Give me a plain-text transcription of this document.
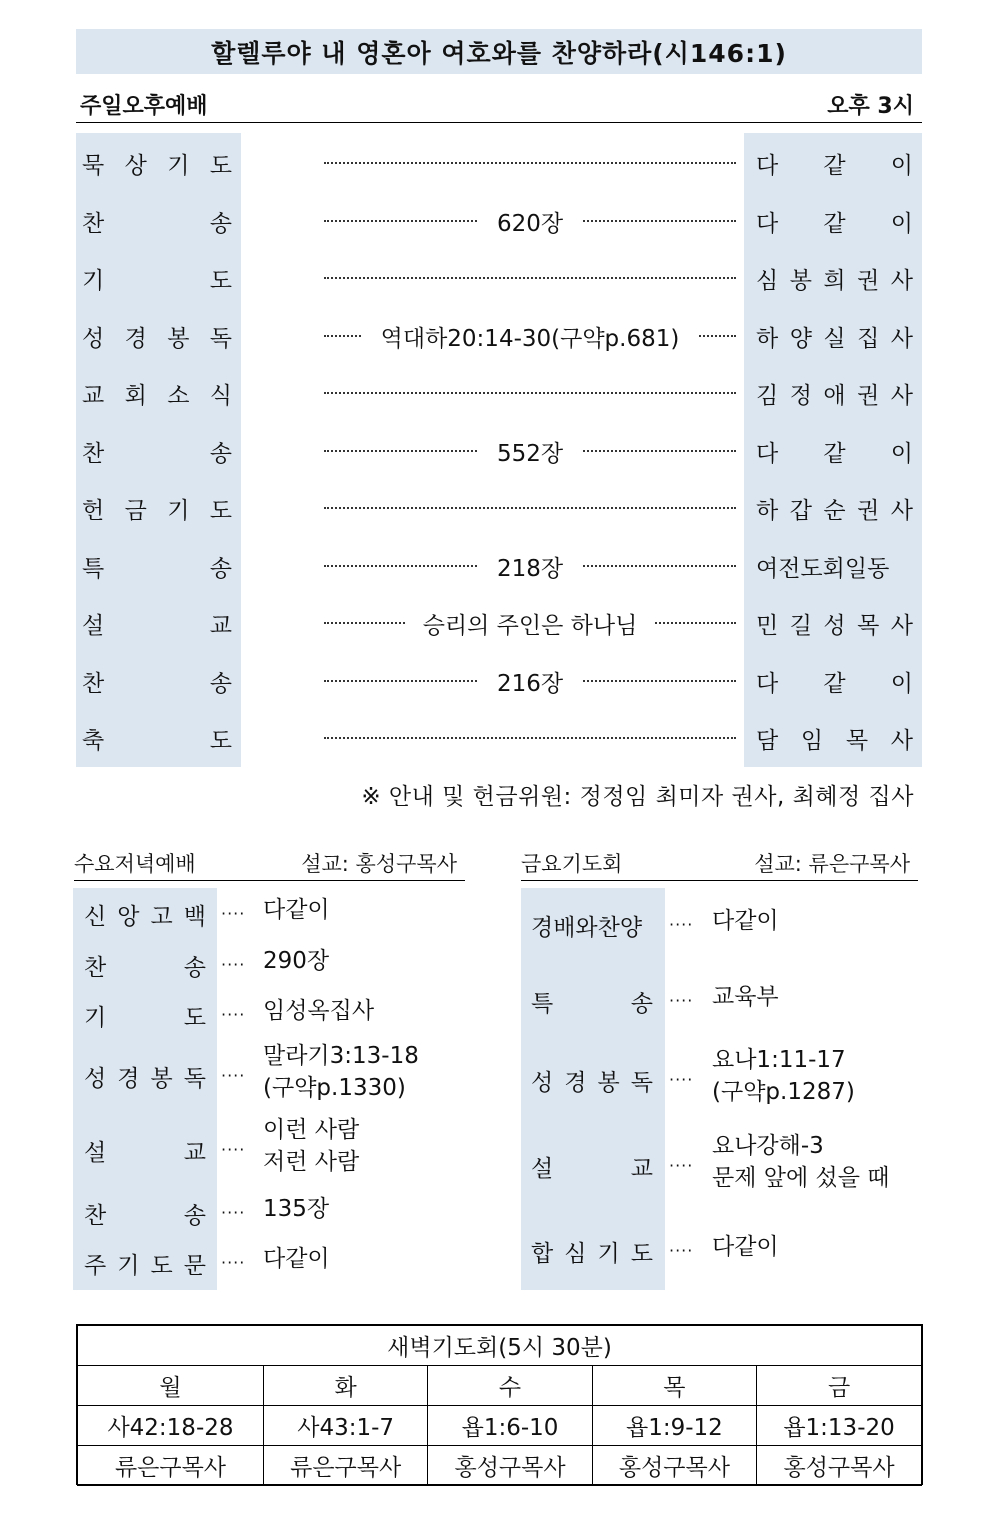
할렐루야 내 영혼아 여호와를 찬양하라(시146:1)
주일오후예배	오후 3시
묵 상 기 도	다 같 이
찬	송	620장	다 같 이
기	도	심 봉 희 권 사
성 경 봉 독	역대하20:14-30(구약p.681)	하 양 실 집 사
교 회 소 식	김 정 애 권 사
찬	송	552장	다 같 이
헌 금 기 도	하 갑 순 권 사
특	송	218장	여전도회일동
설	교	승리의 주인은 하나님	민 길 성 목 사
찬	송	216장	다 같 이
축	도	담 임 목 사
※ 안내 및 헌금위원: 정정임 최미자 권사, 최혜정 집사
수요저녁예배	설교: 홍성구목사	금요기도회	설교: 류은구목사
신 앙 고 백 ···· 다같이
찬	송 ···· 290장
기	도 ···· 임성옥집사
성 경 봉 독 ····
말라기3:13-18
(구약p.1330)
설	교 ····
이런 사람
저런 사람
찬	송 ···· 135장
주 기 도 문 ···· 다같이
경배와찬양 ···· 다같이
특	송 ···· 교육부
성 경 봉 독 ····
요나1:11-17
(구약p.1287)
설	교 ····
요나강해-3
문제 앞에 섰을 때
합 심 기 도 ···· 다같이
새벽기도회(5시 30분)				
월	화	수	목	금
사42:18-28	사43:1-7	욥1:6-10	욥1:9-12	욥1:13-20
류은구목사	류은구목사	홍성구목사	홍성구목사	홍성구목사
